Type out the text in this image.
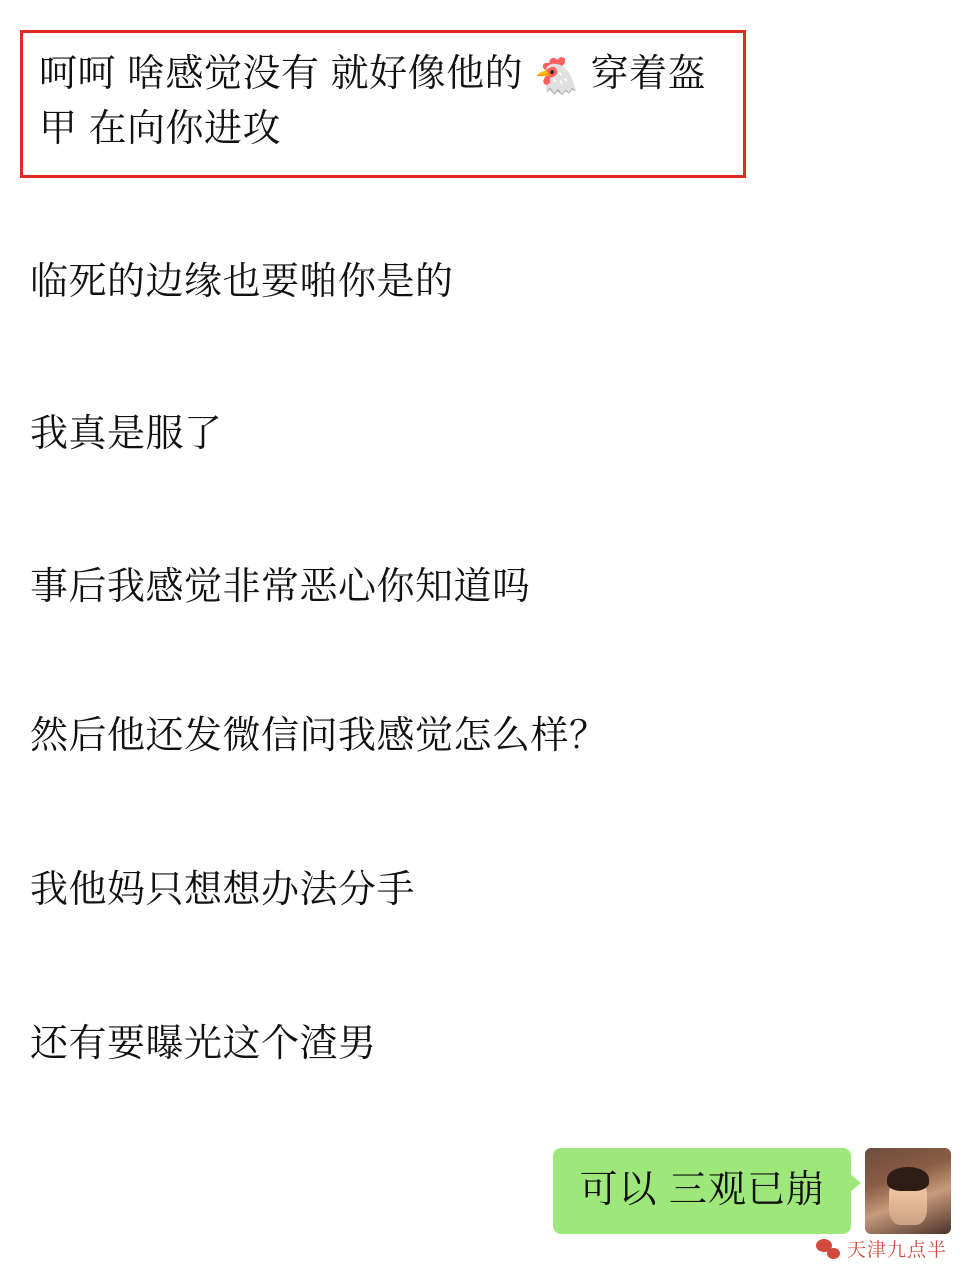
呵呵 啥感觉没有 就好像他的 🐔 穿着盔甲 在向你进攻
临死的边缘也要啪你是的
我真是服了
事后我感觉非常恶心你知道吗
然后他还发微信问我感觉怎么样？
我他妈只想想办法分手
还有要曝光这个渣男
可以 三观已崩
天津九点半
